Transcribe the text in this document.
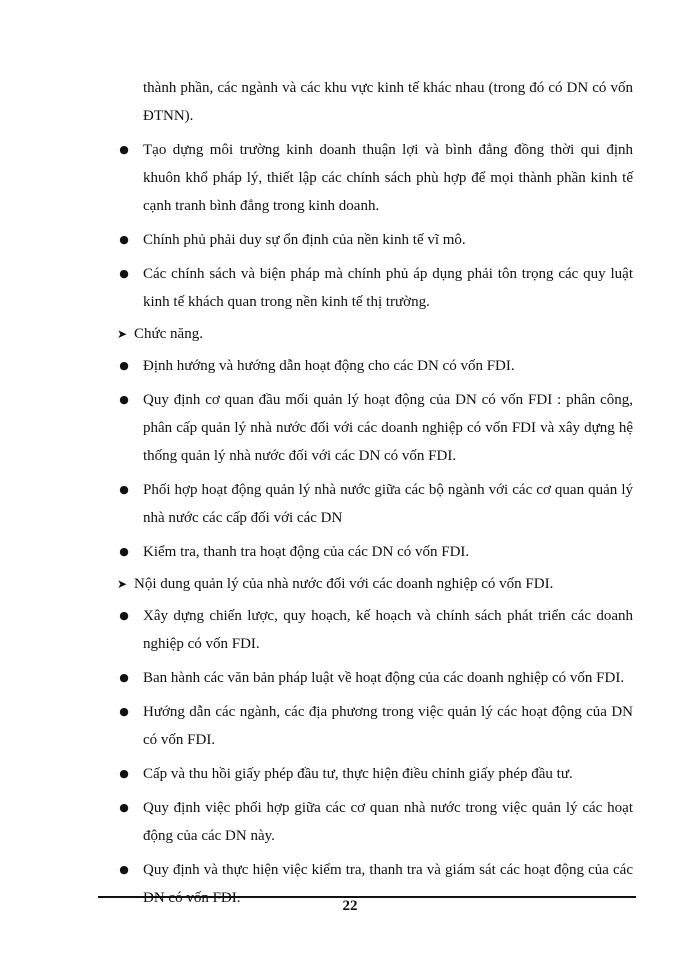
thành phần, các ngành và các khu vực kinh tế khác nhau (trong đó có DN có vốn ĐTNN).
● Tạo dựng môi trường kinh doanh thuận lợi và bình đẳng đồng thời qui định khuôn khổ pháp lý, thiết lập các chính sách phù hợp để mọi thành phần kinh tế cạnh tranh bình đẳng trong kinh doanh.
● Chính phủ phải duy sự ổn định của nền kinh tế vĩ mô.
● Các chính sách và biện pháp mà chính phủ áp dụng phải tôn trọng các quy luật kinh tế khách quan trong nền kinh tế thị trường.
➤ Chức năng.
● Định hướng và hướng dẫn hoạt động cho các DN có vốn FDI.
● Quy định cơ quan đầu mối quản lý hoạt động của DN có vốn FDI : phân công, phân cấp quản lý nhà nước đối với các doanh nghiệp có vốn FDI và xây dựng hệ thống quản lý nhà nước đối với các DN có vốn FDI.
● Phối hợp hoạt động quản lý nhà nước giữa các bộ ngành với các cơ quan quản lý nhà nước các cấp đối với các DN
● Kiểm tra, thanh tra hoạt động của các DN có vốn FDI.
➤ Nội dung quản lý của nhà nước đối với các doanh nghiệp có vốn FDI.
● Xây dựng chiến lược, quy hoạch, kế hoạch và chính sách phát triển các doanh nghiệp có vốn FDI.
● Ban hành các văn bản pháp luật về hoạt động của các doanh nghiệp có vốn FDI.
● Hướng dẫn các ngành, các địa phương trong việc quản lý các hoạt động của DN có vốn FDI.
● Cấp và thu hồi giấy phép đầu tư, thực hiện điều chỉnh giấy phép đầu tư.
● Quy định việc phối hợp giữa các cơ quan nhà nước trong việc quản lý các hoạt động của các DN này.
● Quy định và thực hiện việc kiểm tra, thanh tra và giám sát các hoạt động của các DN có vốn FDI.	22
